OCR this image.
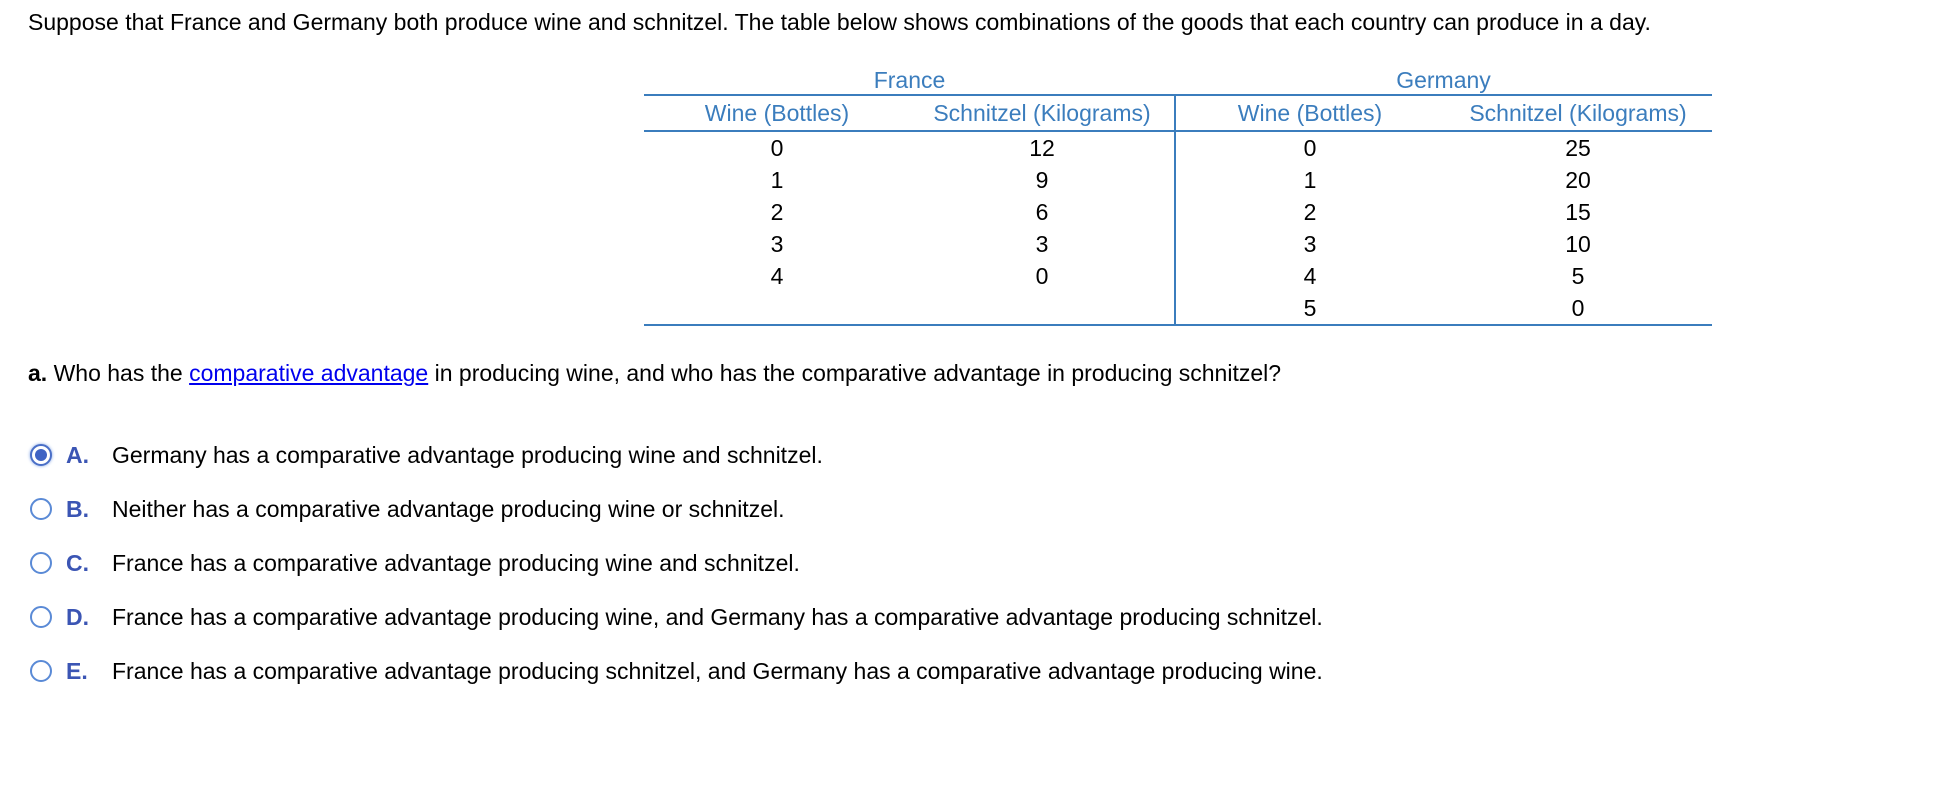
Suppose that France and Germany both produce wine and schnitzel. The table below shows combinations of the goods that each country can produce in a day.
France		Germany	
Wine (Bottles)	Schnitzel (Kilograms)	Wine (Bottles)	Schnitzel (Kilograms)
0	12	0	25
1	9	1	20
2	6	2	15
3	3	3	10
4	0	4	5
		5	0
a. Who has the comparative advantage in producing wine, and who has the comparative advantage in producing schnitzel?
A.	Germany has a comparative advantage producing wine and schnitzel.
B.	Neither has a comparative advantage producing wine or schnitzel.
C.	France has a comparative advantage producing wine and schnitzel.
D.	France has a comparative advantage producing wine, and Germany has a comparative advantage producing schnitzel.
E.	France has a comparative advantage producing schnitzel, and Germany has a comparative advantage producing wine.
